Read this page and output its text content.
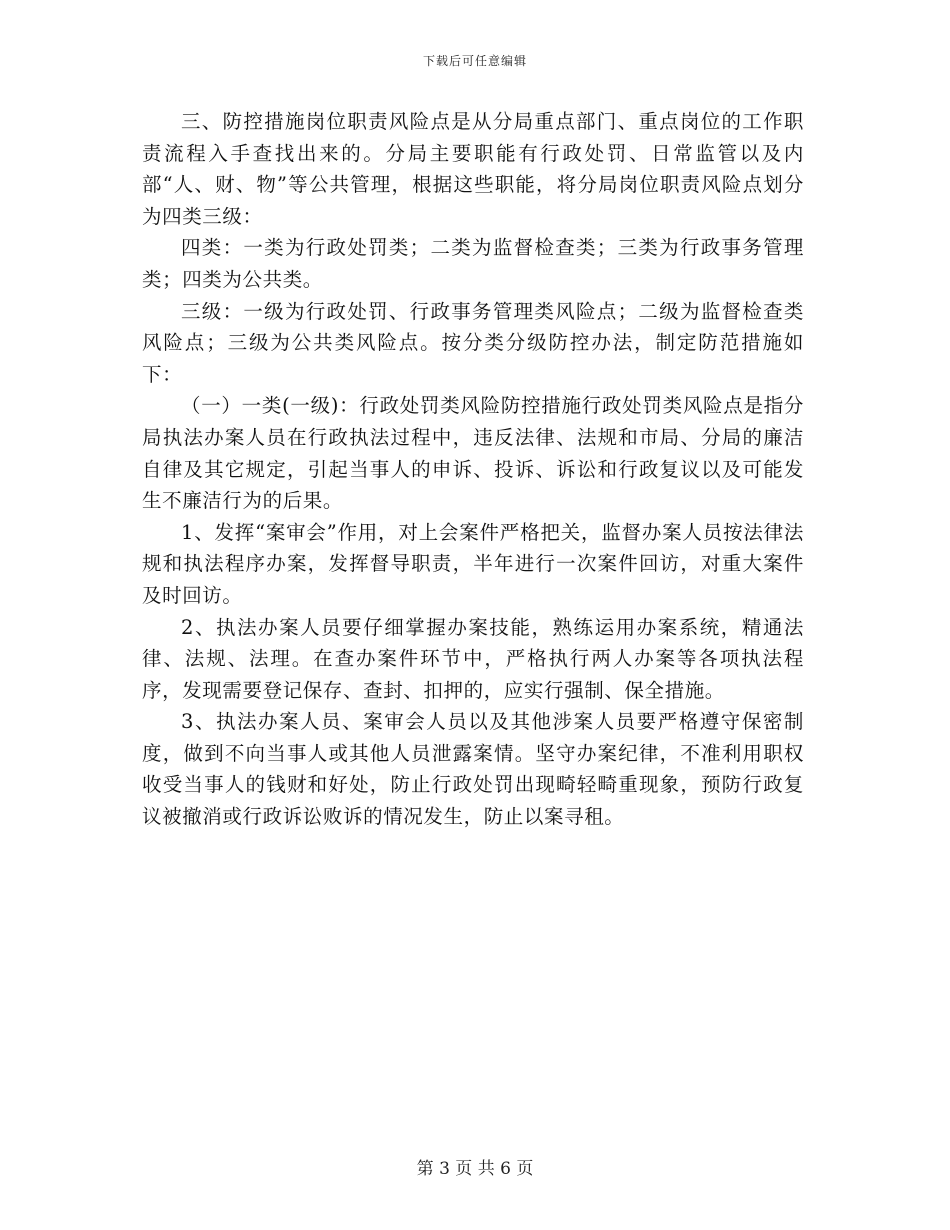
下载后可任意编辑

三、防控措施岗位职责风险点是从分局重点部门、重点岗位的工作职责流程入手查找出来的。分局主要职能有行政处罚、日常监管以及内部“人、财、物”等公共管理，根据这些职能，将分局岗位职责风险点划分为四类三级：

四类：一类为行政处罚类；二类为监督检查类；三类为行政事务管理类；四类为公共类。

三级：一级为行政处罚、行政事务管理类风险点；二级为监督检查类风险点；三级为公共类风险点。按分类分级防控办法，制定防范措施如下：

（一）一类(一级)：行政处罚类风险防控措施行政处罚类风险点是指分局执法办案人员在行政执法过程中，违反法律、法规和市局、分局的廉洁自律及其它规定，引起当事人的申诉、投诉、诉讼和行政复议以及可能发生不廉洁行为的后果。

1、发挥“案审会”作用，对上会案件严格把关，监督办案人员按法律法规和执法程序办案，发挥督导职责，半年进行一次案件回访，对重大案件及时回访。

2、执法办案人员要仔细掌握办案技能，熟练运用办案系统，精通法律、法规、法理。在查办案件环节中，严格执行两人办案等各项执法程序，发现需要登记保存、查封、扣押的，应实行强制、保全措施。

3、执法办案人员、案审会人员以及其他涉案人员要严格遵守保密制度，做到不向当事人或其他人员泄露案情。坚守办案纪律，不准利用职权收受当事人的钱财和好处，防止行政处罚出现畸轻畸重现象，预防行政复议被撤消或行政诉讼败诉的情况发生，防止以案寻租。

第 3 页 共 6 页
